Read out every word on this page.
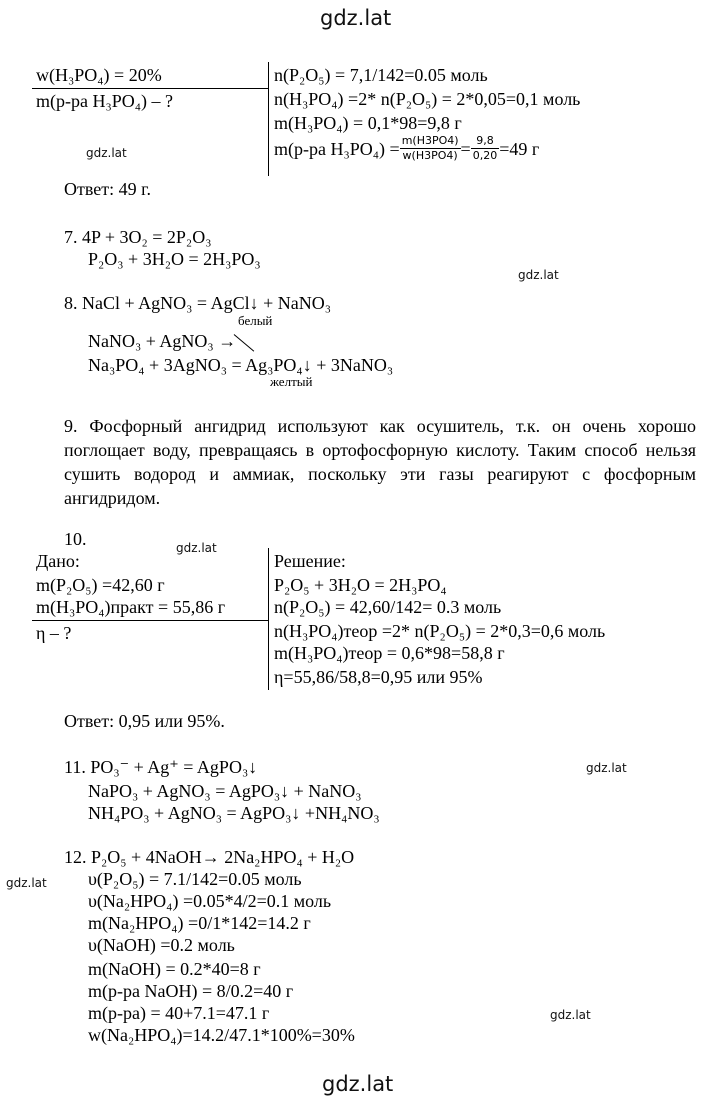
gdz.lat
gdz.lat
gdz.lat
gdz.lat
gdz.lat
gdz.lat
gdz.lat
gdz.lat
w(H₃PO₄) = 20%
m(р-ра H₃PO₄) – ?
n(P₂O₅) = 7,1/142=0.05 моль
n(H₃PO₄) =2* n(P₂O₅) = 2*0,05=0,1 моль
m(H₃PO₄) = 0,1*98=9,8 г
m(р-ра $H_3PO_4) = \frac{m(H3PO4)}{w(H3PO4)} = \frac{9,8}{0,20} =49$ г
Ответ: 49 г.
7. 4P + 3O₂ = 2P₂O₃
P₂O₃ + 3H₂O = 2H₃PO₃
8. NaCl + AgNO₃ = AgCl↓ + NaNO₃
белый
NaNO₃ + AgNO₃ →
Na₃PO₄ + 3AgNO₃ = Ag₃PO₄↓ + 3NaNO₃
желтый
9. Фосфорный ангидрид используют как осушитель, т.к. он очень хорошо поглощает воду, превращаясь в ортофосфорную кислоту. Таким способ нельзя сушить водород и аммиак, поскольку эти газы реагируют с фосфорным ангидридом.
10.
Дано:
m(P₂O₅) =42,60 г
m(H₃PO₄)практ = 55,86 г
η – ?
Решение:
P₂O₅ + 3H₂O = 2H₃PO₄
n(P₂O₅) = 42,60/142= 0.3 моль
n(H₃PO₄)теор =2* n(P₂O₅) = 2*0,3=0,6 моль
m(H₃PO₄)теор = 0,6*98=58,8 г
η=55,86/58,8=0,95 или 95%
Ответ: 0,95 или 95%.
11. PO₃⁻ + Ag⁺ = AgPO₃↓
NaPO₃ + AgNO₃ = AgPO₃↓ + NaNO₃
NH₄PO₃ + AgNO₃ = AgPO₃↓ +NH₄NO₃
12. P₂O₅ + 4NaOH→ 2Na₂HPO₄ + H₂O
υ(P₂O₅) = 7.1/142=0.05 моль
υ(Na₂HPO₄) =0.05*4/2=0.1 моль
m(Na₂HPO₄) =0/1*142=14.2 г
υ(NaOH) =0.2 моль
m(NaOH) = 0.2*40=8 г
m(р-ра NaOH) = 8/0.2=40 г
m(р-ра) = 40+7.1=47.1 г
w(Na₂HPO₄)=14.2/47.1*100%=30%
